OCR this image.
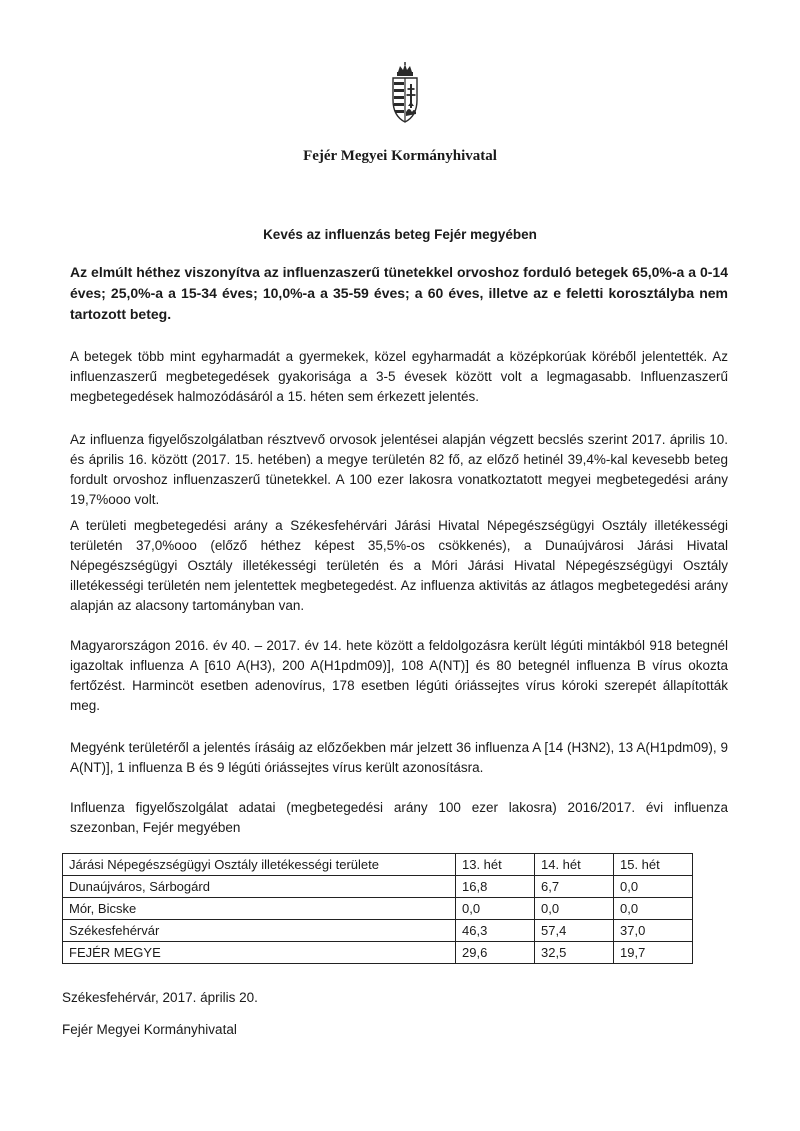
Fejér Megyei Kormányhivatal
Kevés az influenzás beteg Fejér megyében

Az elmúlt héthez viszonyítva az influenzaszerű tünetekkel orvoshoz forduló betegek 65,0%-a a 0-14 éves; 25,0%-a a 15-34 éves; 10,0%-a a 35-59 éves; a 60 éves, illetve az e feletti korosztályba nem tartozott beteg.

A betegek több mint egyharmadát a gyermekek, közel egyharmadát a középkorúak köréből jelentették. Az influenzaszerű megbetegedések gyakorisága a 3-5 évesek között volt a legmagasabb. Influenzaszerű megbetegedések halmozódásáról a 15. héten sem érkezett jelentés.

Az influenza figyelőszolgálatban résztvevő orvosok jelentései alapján végzett becslés szerint 2017. április 10. és április 16. között (2017. 15. hetében) a megye területén 82 fő, az előző hetinél 39,4%-kal kevesebb beteg fordult orvoshoz influenzaszerű tünetekkel. A 100 ezer lakosra vonatkoztatott megyei megbetegedési arány 19,7%ooo volt.

A területi megbetegedési arány a Székesfehérvári Járási Hivatal Népegészségügyi Osztály illetékességi területén 37,0%ooo (előző héthez képest 35,5%-os csökkenés), a Dunaújvárosi Járási Hivatal Népegészségügyi Osztály illetékességi területén és a Móri Járási Hivatal Népegészségügyi Osztály illetékességi területén nem jelentettek megbetegedést. Az influenza aktivitás az átlagos megbetegedési arány alapján az alacsony tartományban van.

Magyarországon 2016. év 40. – 2017. év 14. hete között a feldolgozásra került légúti mintákból 918 betegnél igazoltak influenza A [610 A(H3), 200 A(H1pdm09)], 108 A(NT)] és 80 betegnél influenza B vírus okozta fertőzést. Harmincöt esetben adenovírus, 178 esetben légúti óriássejtes vírus kóroki szerepét állapították meg.

Megyénk területéről a jelentés írásáig az előzőekben már jelzett 36 influenza A [14 (H3N2), 13 A(H1pdm09), 9 A(NT)], 1 influenza B és 9 légúti óriássejtes vírus került azonosításra.

Influenza figyelőszolgálat adatai (megbetegedési arány 100 ezer lakosra) 2016/2017. évi influenza szezonban, Fejér megyében

Járási Népegészségügyi Osztály illetékességi területe	13. hét	14. hét	15. hét
Dunaújváros, Sárbogárd	16,8	6,7	0,0
Mór, Bicske	0,0	0,0	0,0
Székesfehérvár	46,3	57,4	37,0
FEJÉR MEGYE	29,6	32,5	19,7
Székesfehérvár, 2017. április 20.
Fejér Megyei Kormányhivatal
